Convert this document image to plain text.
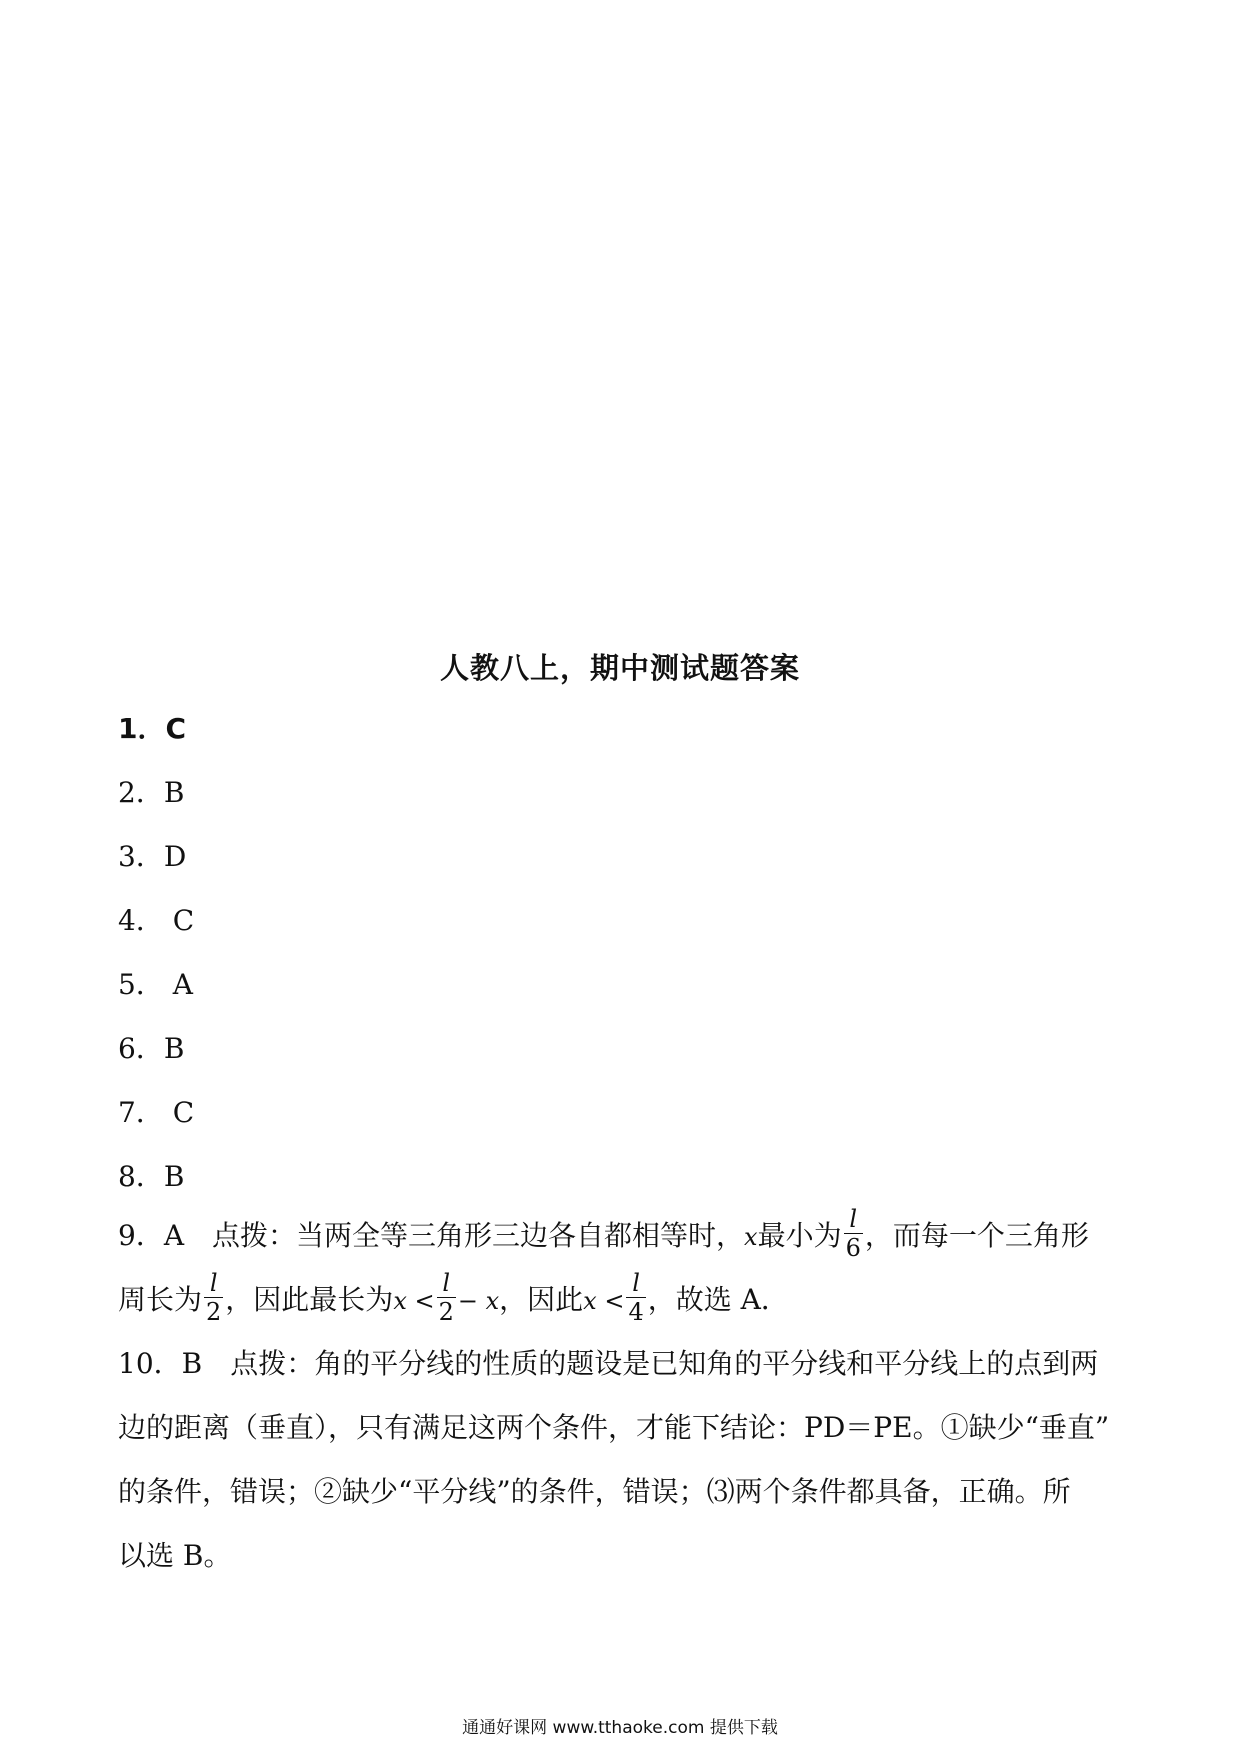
人教八上，期中测试题答案
1．C
2．B
3．D
4． C
5． A
6．B
7． C
8．B
9．A　点拨：当两全等三角形三边各自都相等时，x最小为 $\frac{l}{6}$ ，而每一个三角形
周长为 $\frac{l}{2}$ ，因此最长为$x < \frac{l}{2} - x$，因此$x < \frac{l}{4}$ ，故选 A．
10．B　点拨：角的平分线的性质的题设是已知角的平分线和平分线上的点到两
边的距离（垂直），只有满足这两个条件，才能下结论：PD＝PE。①缺少“垂直”
的条件，错误；②缺少“平分线”的条件，错误；⑶两个条件都具备，正确。所
以选 B。
通通好课网 www.tthaoke.com 提供下载
